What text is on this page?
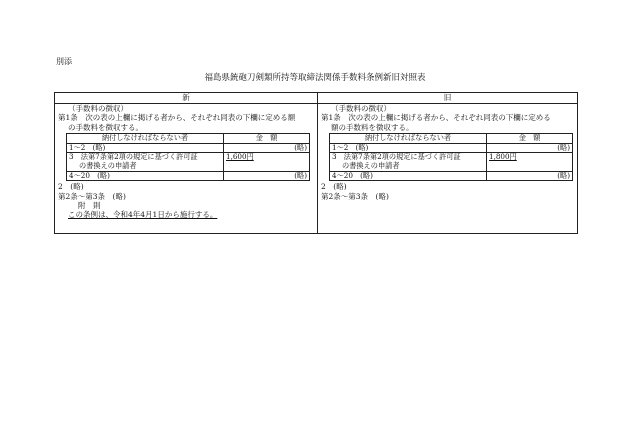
別添
福島県銃砲刀剣類所持等取締法関係手数料条例新旧対照表
新	旧
（手数料の徴収）
第1条　次の表の上欄に掲げる者から、それぞれ同表の下欄に定める額
の手数料を徴収する。
納付しなければならない者	金　額
1～2　(略)	(略)

3　法第7条第2項の規定に基づく許可証
の書換えの申請者	1,600円
4～20　(略)	(略)
2　(略)
第2条～第3条　(略)
附　則
この条例は、令和4年4月1日から施行する。
（手数料の徴収）
第1条　次の表の上欄に掲げる者から、それぞれ同表の下欄に定める
額の手数料を徴収する。
納付しなければならない者	金　額
1～2　(略)	(略)

3　法第7条第2項の規定に基づく許可証
の書換えの申請者	1,800円
4～20　(略)	(略)
2　(略)
第2条～第3条　(略)
